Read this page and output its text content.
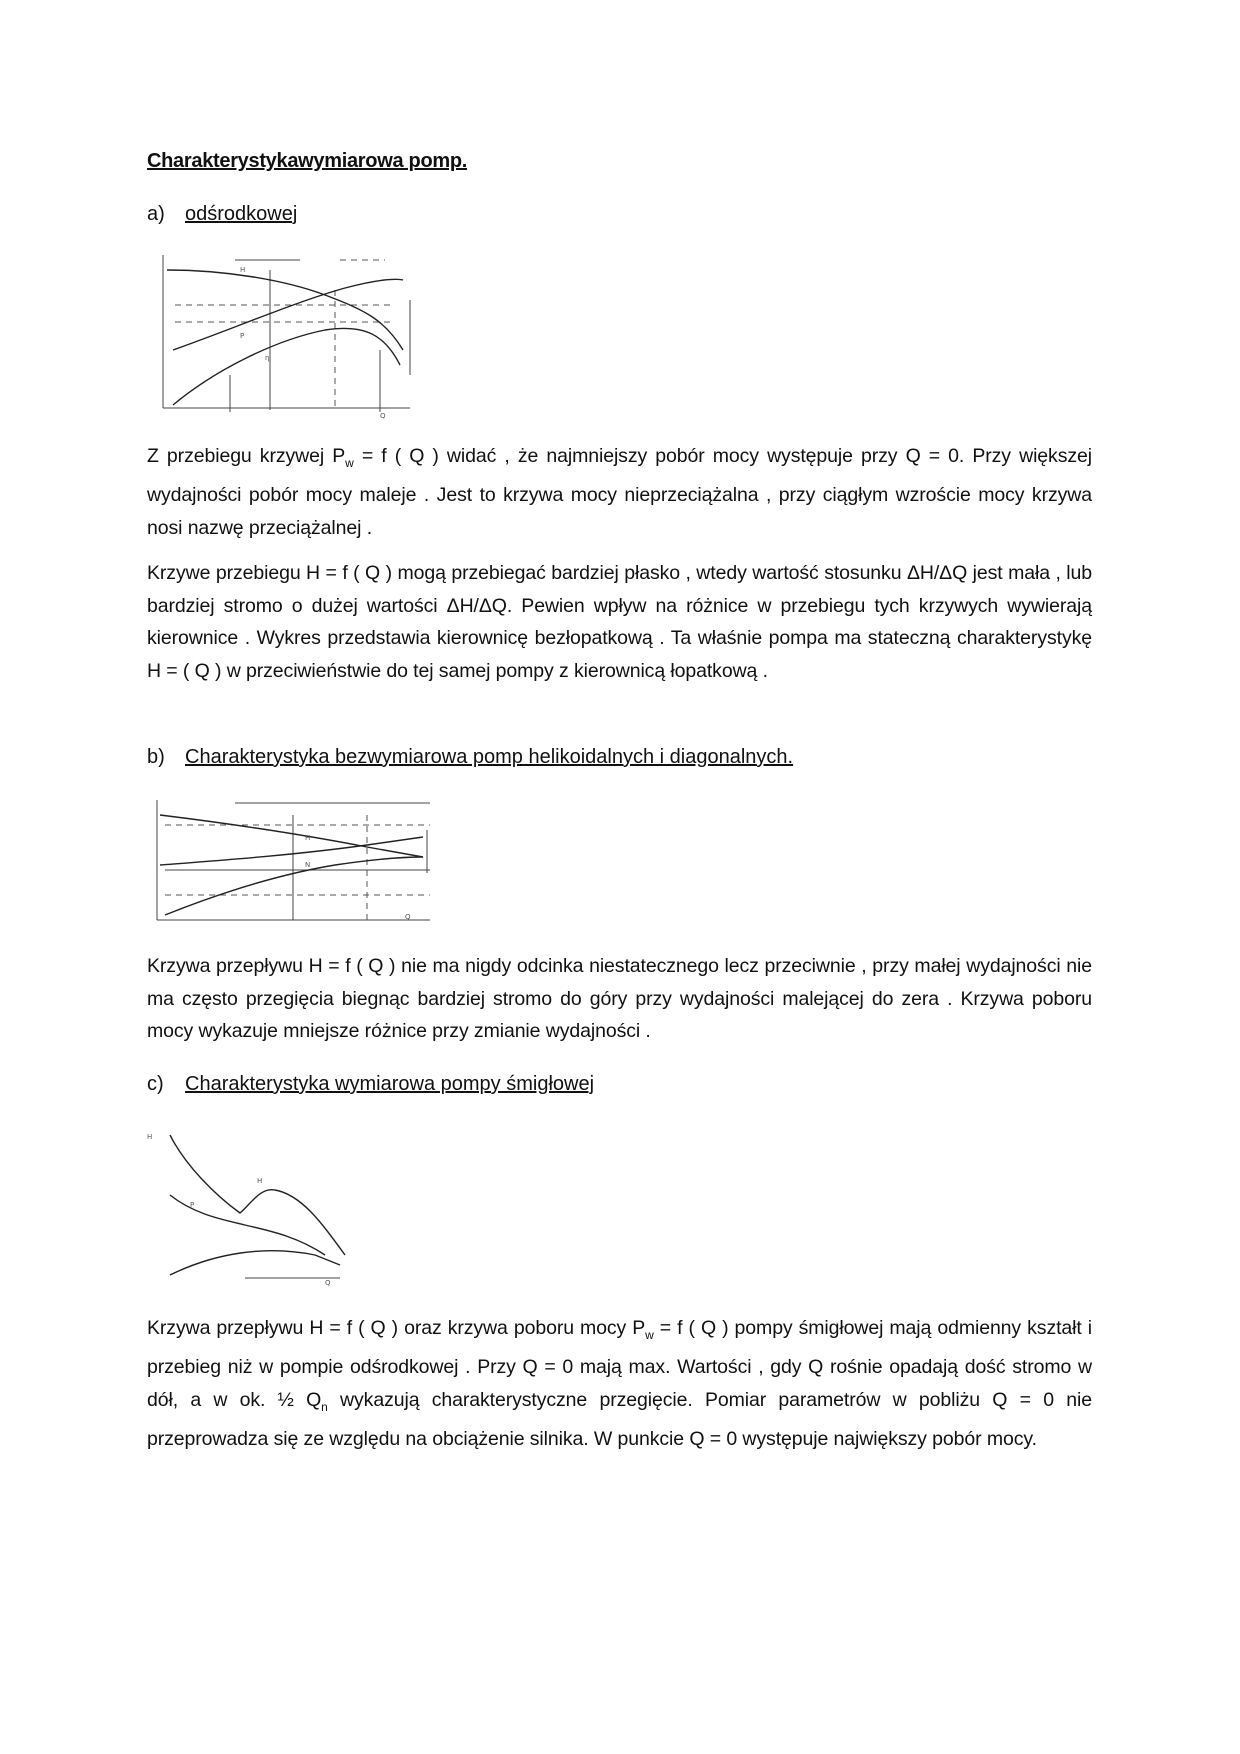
Charakterystykawymiarowa pomp.
a) odśrodkowej
H
P
η
Q
Z przebiegu krzywej $P_w = f$ ( Q ) widać , że najmniejszy pobór mocy występuje przy Q = 0. Przy większej wydajności pobór mocy maleje . Jest to krzywa mocy nieprzeciążalna , przy ciągłym wzroście mocy krzywa nosi nazwę przeciążalnej .
Krzywe przebiegu H = f ( Q ) mogą przebiegać bardziej płasko , wtedy wartość stosunku ΔH/ΔQ jest mała , lub bardziej stromo o dużej wartości ΔH/ΔQ. Pewien wpływ na różnice w przebiegu tych krzywych wywierają kierownice . Wykres przedstawia kierownicę bezłopatkową . Ta właśnie pompa ma stateczną charakterystykę H = ( Q ) w przeciwieństwie do tej samej pompy z kierownicą łopatkową .
b) Charakterystyka bezwymiarowa pomp helikoidalnych i diagonalnych.
H
N
Q
Krzywa przepływu H = f ( Q ) nie ma nigdy odcinka niestatecznego lecz przeciwnie , przy małej wydajności nie ma często przegięcia biegnąc bardziej stromo do góry przy wydajności malejącej do zera . Krzywa poboru mocy wykazuje mniejsze różnice przy zmianie wydajności .
c) Charakterystyka wymiarowa pompy śmigłowej
H
H
P
Q
Krzywa przepływu H = f ( Q ) oraz krzywa poboru mocy $P_w = f$ ( Q ) pompy śmigłowej mają odmienny kształt i przebieg niż w pompie odśrodkowej . Przy Q = 0 mają max. Wartości , gdy Q rośnie opadają dość stromo w dół, a w ok. ½ $Q_n$ wykazują charakterystyczne przegięcie. Pomiar parametrów w pobliżu Q = 0 nie przeprowadza się ze względu na obciążenie silnika. W punkcie Q = 0 występuje największy pobór mocy.
